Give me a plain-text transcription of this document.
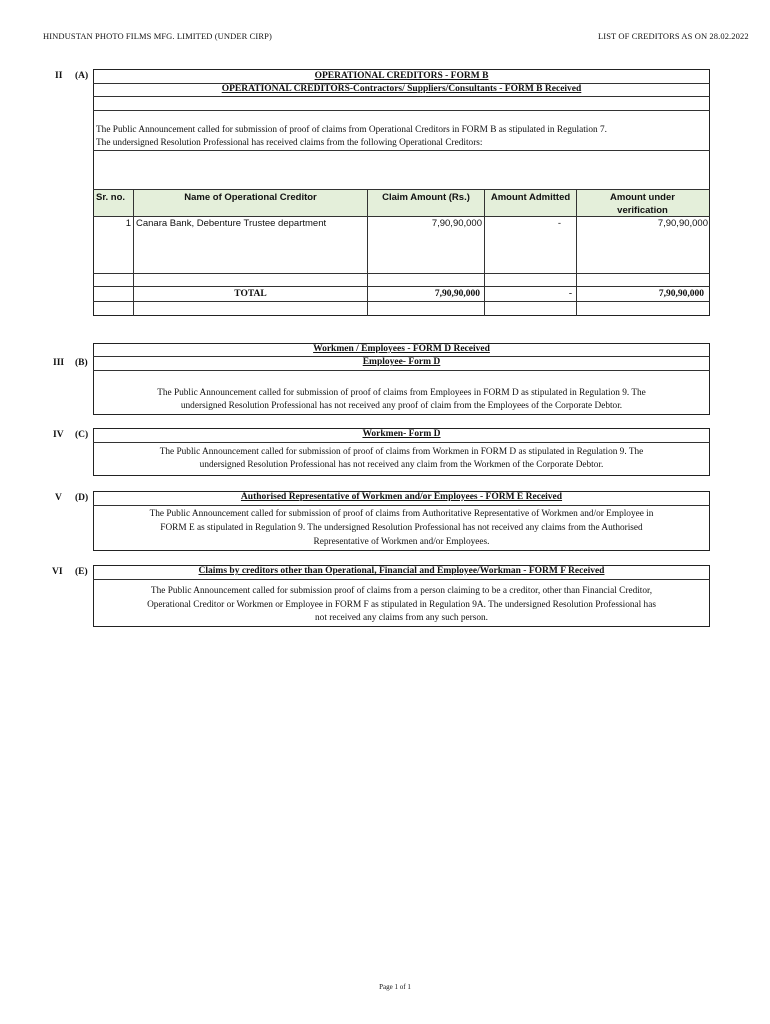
HINDUSTAN PHOTO FILMS MFG. LIMITED (UNDER CIRP)	LIST OF CREDITORS AS ON 28.02.2022
II (A)	OPERATIONAL CREDITORS - FORM B
OPERATIONAL CREDITORS-Contractors/ Suppliers/Consultants - FORM B Received
The Public Announcement called for submission of proof of claims from Operational Creditors in FORM B as stipulated in Regulation 7.
The undersigned Resolution Professional has received claims from the following Operational Creditors:
Sr. no.	Name of Operational Creditor	Claim Amount (Rs.)	Amount Admitted	Amount under verification
1 Canara Bank, Debenture Trustee department	7,90,90,000	-	7,90,90,000
TOTAL	7,90,90,000	-	7,90,90,000
Workmen / Employees - FORM D Received
III (B)	Employee- Form D
The Public Announcement called for submission of proof of claims from Employees in FORM D as stipulated in Regulation 9. The
undersigned Resolution Professional has not received any proof of claim from the Employees of the Corporate Debtor.
IV (C)	Workmen- Form D
The Public Announcement called for submission of proof of claims from Workmen in FORM D as stipulated in Regulation 9. The
undersigned Resolution Professional has not received any claim from the Workmen of the Corporate Debtor.
V (D)	Authorised Representative of Workmen and/or Employees - FORM E Received
The Public Announcement called for submission of proof of claims from Authoritative Representative of Workmen and/or Employee in
FORM E as stipulated in Regulation 9. The undersigned Resolution Professional has not received any claims from the Authorised
Representative of Workmen and/or Employees.
VI (E)	Claims by creditors other than Operational, Financial and Employee/Workman - FORM F Received
The Public Announcement called for submission proof of claims from a person claiming to be a creditor, other than Financial Creditor,
Operational Creditor or Workmen or Employee in FORM F as stipulated in Regulation 9A. The undersigned Resolution Professional has
not received any claims from any such person.
Page 1 of 1
